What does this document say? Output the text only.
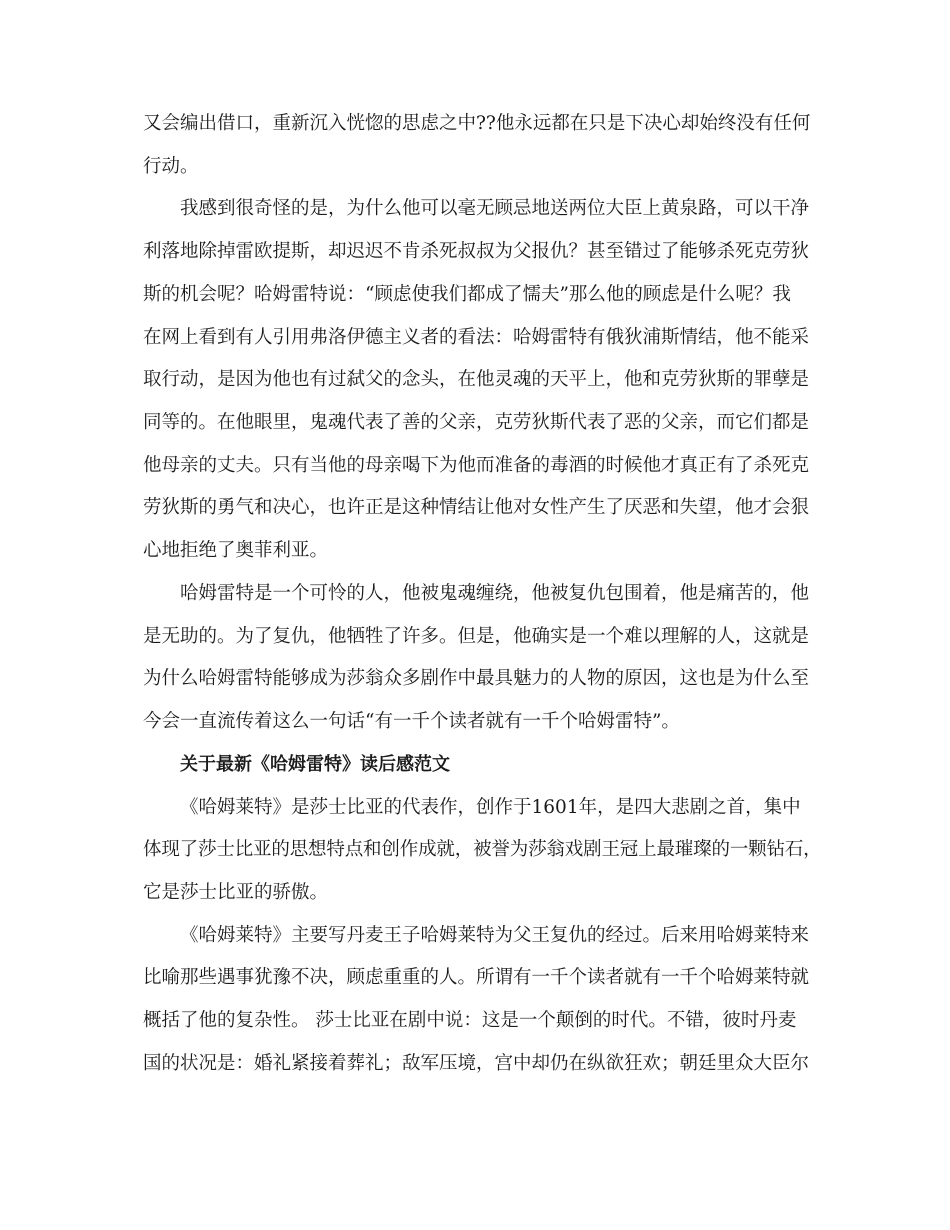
又会编出借口，重新沉入恍惚的思虑之中??他永远都在只是下决心却始终没有任何
行动。
我感到很奇怪的是，为什么他可以毫无顾忌地送两位大臣上黄泉路，可以干净
利落地除掉雷欧提斯，却迟迟不肯杀死叔叔为父报仇？甚至错过了能够杀死克劳狄
斯的机会呢？哈姆雷特说：“顾虑使我们都成了懦夫”那么他的顾虑是什么呢？我
在网上看到有人引用弗洛伊德主义者的看法：哈姆雷特有俄狄浦斯情结，他不能采
取行动，是因为他也有过弑父的念头，在他灵魂的天平上，他和克劳狄斯的罪孽是
同等的。在他眼里，鬼魂代表了善的父亲，克劳狄斯代表了恶的父亲，而它们都是
他母亲的丈夫。只有当他的母亲喝下为他而准备的毒酒的时候他才真正有了杀死克
劳狄斯的勇气和决心，也许正是这种情结让他对女性产生了厌恶和失望，他才会狠
心地拒绝了奥菲利亚。
哈姆雷特是一个可怜的人，他被鬼魂缠绕，他被复仇包围着，他是痛苦的，他
是无助的。为了复仇，他牺牲了许多。但是，他确实是一个难以理解的人，这就是
为什么哈姆雷特能够成为莎翁众多剧作中最具魅力的人物的原因，这也是为什么至
今会一直流传着这么一句话“有一千个读者就有一千个哈姆雷特”。
关于最新《哈姆雷特》读后感范文
《哈姆莱特》是莎士比亚的代表作，创作于1601年，是四大悲剧之首，集中
体现了莎士比亚的思想特点和创作成就，被誉为莎翁戏剧王冠上最璀璨的一颗钻石，
它是莎士比亚的骄傲。
《哈姆莱特》主要写丹麦王子哈姆莱特为父王复仇的经过。后来用哈姆莱特来
比喻那些遇事犹豫不决，顾虑重重的人。所谓有一千个读者就有一千个哈姆莱特就
概括了他的复杂性。 莎士比亚在剧中说：这是一个颠倒的时代。不错，彼时丹麦
国的状况是：婚礼紧接着葬礼；敌军压境，宫中却仍在纵欲狂欢；朝廷里众大臣尔
